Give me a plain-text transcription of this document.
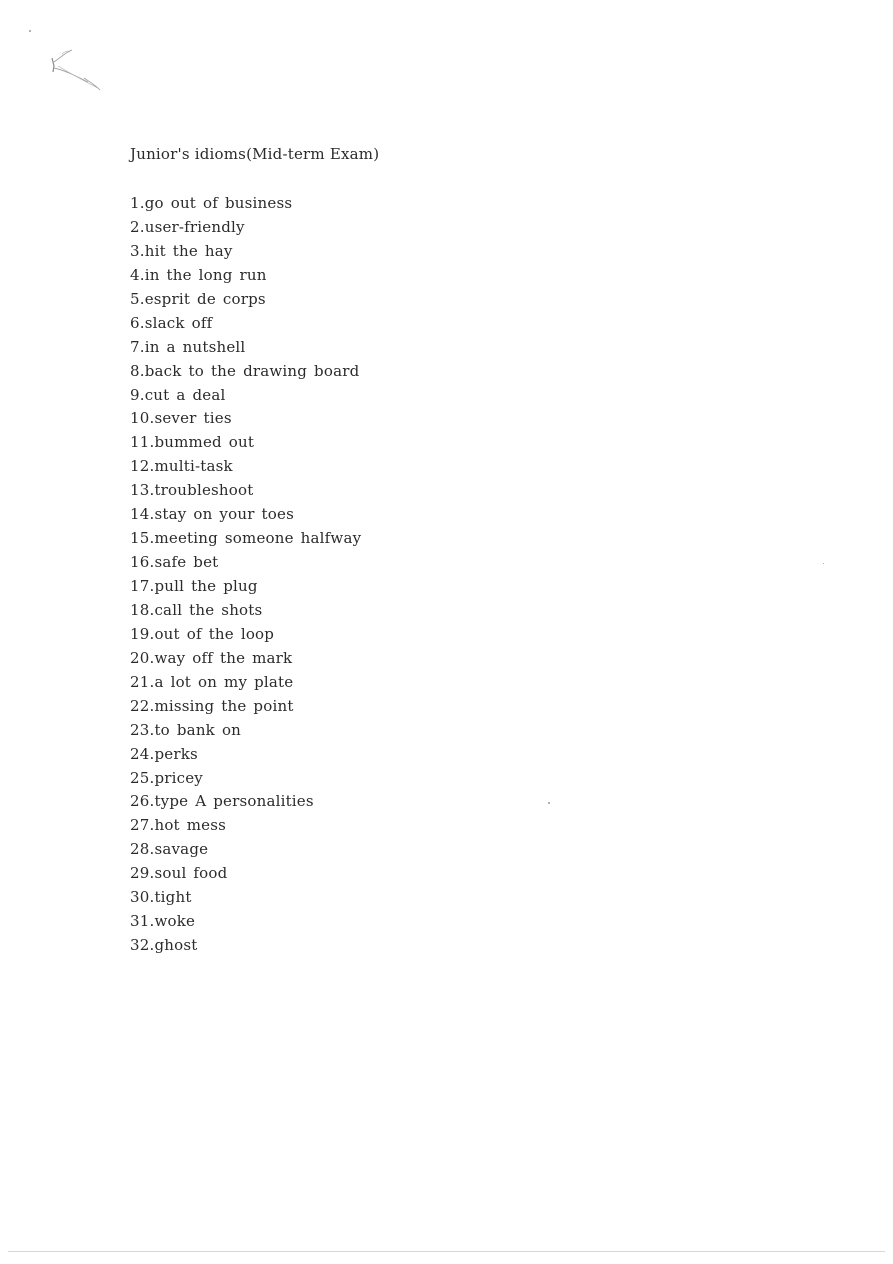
Junior's idioms(Mid-term Exam)
1.go out of business
2.user-friendly
3.hit the hay
4.in the long run
5.esprit de corps
6.slack off
7.in a nutshell
8.back to the drawing board
9.cut a deal
10.sever ties
11.bummed out
12.multi-task
13.troubleshoot
14.stay on your toes
15.meeting someone halfway
16.safe bet
17.pull the plug
18.call the shots
19.out of the loop
20.way off the mark
21.a lot on my plate
22.missing the point
23.to bank on
24.perks
25.pricey
26.type A personalities
27.hot mess
28.savage
29.soul food
30.tight
31.woke
32.ghost
